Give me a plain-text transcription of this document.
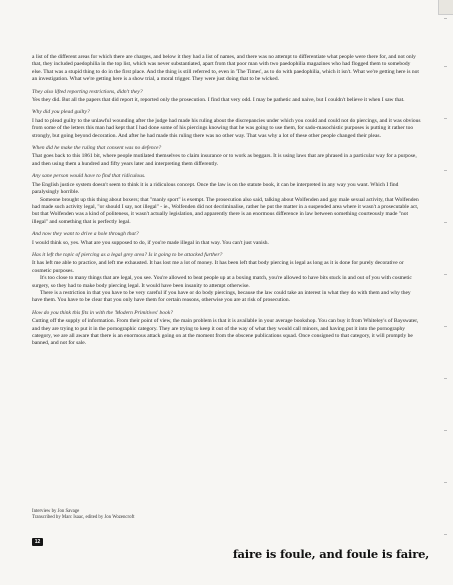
a list of the different areas for which there are charges, and below it they had a list of names, and there was no attempt to differentiate what people were there for, and not only that, they included paedophilia in the top list, which was never substantiated, apart from that poor man with two paedophilia magazines who had flogged them to somebody else. That was a stupid thing to do in the first place. And the thing is still referred to, even in 'The Times', as to do with paedophilia, which it isn't. What we're getting here is not an investigation. What we're getting here is a show trial, a moral trigger. They were just doing that to be wicked.

They also lifted reporting restrictions, didn't they?

Yes they did. But all the papers that did report it, reported only the prosecution. I find that very odd. I may be pathetic and naive, but I couldn't believe it when I saw that.

Why did you plead guilty?

I had to plead guilty to the unlawful wounding after the judge had made his ruling about the discrepancies under which you could and could not do piercings, and it was obvious from some of the letters this man had kept that I had done some of his piercings knowing that he was going to use them, for sado-masochistic purposes is putting it rather too strongly, but going beyond decoration. And after he had made this ruling there was no other way. That was why a lot of these other people changed their pleas.

When did he make the ruling that consent was no defence?

That goes back to this 1861 bit, where people mutilated themselves to claim insurance or to work as beggars. It is using laws that are phrased in a particular way for a purpose, and then using them a hundred and fifty years later and interpreting them differently.

Any sane person would have to find that ridiculous.

The English justice system doesn't seem to think it is a ridiculous concept. Once the law is on the statute book, it can be interpreted in any way you want. Which I find paralysingly horrible.

Someone brought up this thing about boxers; that "manly sport" is exempt. The prosecution also said, talking about Wolfenden and gay male sexual activity, that Wolfenden had made such activity legal, "or should I say, not illegal" - ie., Wolfenden did not decriminalise, rather he put the matter in a suspended area where it wasn't a prosecutable act, but that Wolfenden was a kind of politeness, it wasn't actually legislation, and apparently there is an enormous difference in law between something courteously made "not illegal" and something that is perfectly legal.

And now they want to drive a hole through that?

I would think so, yes. What are you supposed to do, if you're made illegal in that way. You can't just vanish.

Has it left the topic of piercing as a legal grey area? Is it going to be attacked further?

It has left me able to practice, and left me exhausted. It has lost me a lot of money. It has been left that body piercing is legal as long as it is done for purely decorative or cosmetic purposes.

It's too close to many things that are legal, you see. You're allowed to beat people up at a boxing match, you're allowed to have bits stuck in and out of you with cosmetic surgery, so they had to make body piercing legal. It would have been insanity to attempt otherwise.

There is a restriction in that you have to be very careful if you have or do body piercings, because the law could take an interest in what they do with them and why they have them. You have to be clear that you only have them for certain reasons, otherwise you are at risk of prosecution.

How do you think this fits in with the 'Modern Primitives' book?

Cutting off the supply of information. From their point of view, the main problem is that it is available in your average bookshop. You can buy it from Whiteley's of Bayswater, and they are trying to put it in the pornographic category. They are trying to keep it out of the way of what they would call minors, and having put it into the pornography category, we are all aware that there is an enormous attack going on at the moment from the obscene publications squad. Once consigned to that category, it will promptly be banned, and not for sale.

Interview by Jon Savage
Transcribed by Marc Isaac, edited by Jon Wozencroft
12
faire is foule, and foule is faire,
